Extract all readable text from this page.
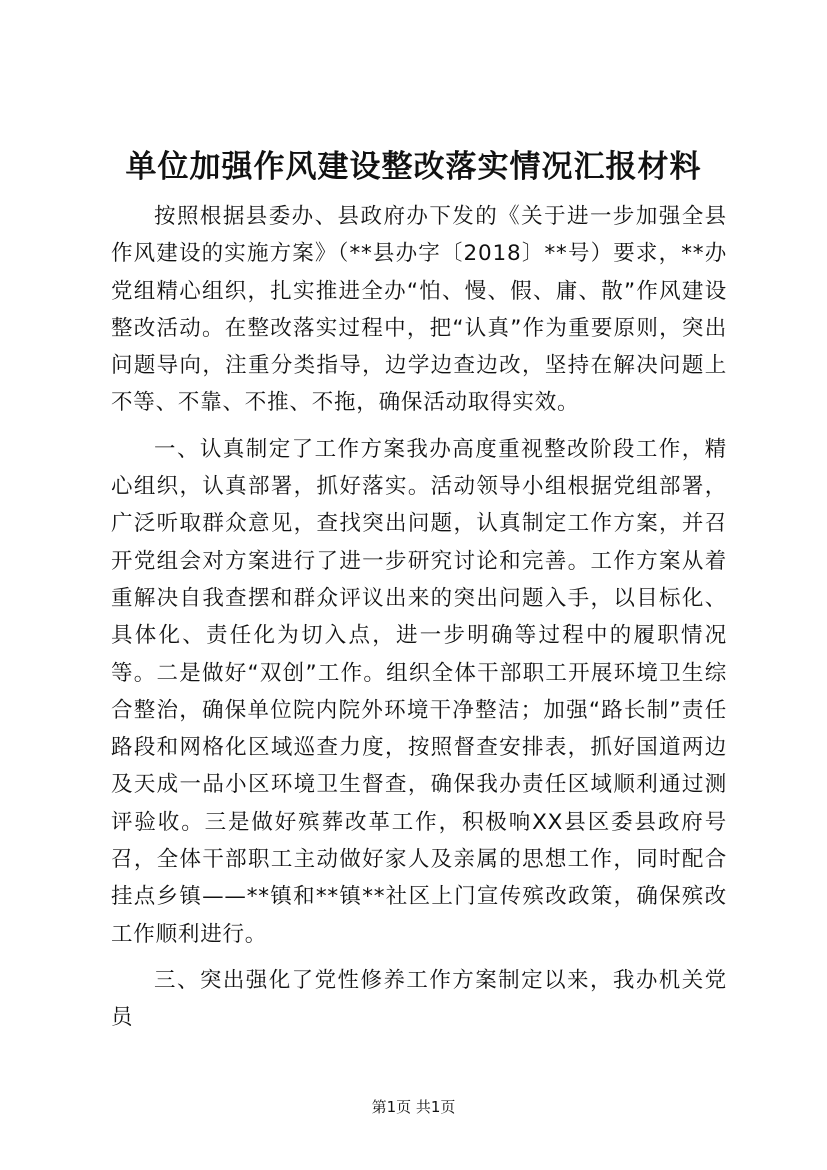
单位加强作风建设整改落实情况汇报材料

按照根据县委办、县政府办下发的《关于进一步加强全县作风建设的实施方案》（**县办字〔2018〕**号）要求，**办党组精心组织，扎实推进全办“怕、慢、假、庸、散”作风建设整改活动。在整改落实过程中，把“认真”作为重要原则，突出问题导向，注重分类指导，边学边查边改，坚持在解决问题上不等、不靠、不推、不拖，确保活动取得实效。

一、认真制定了工作方案我办高度重视整改阶段工作，精心组织，认真部署，抓好落实。活动领导小组根据党组部署，广泛听取群众意见，查找突出问题，认真制定工作方案，并召开党组会对方案进行了进一步研究讨论和完善。工作方案从着重解决自我查摆和群众评议出来的突出问题入手，以目标化、具体化、责任化为切入点，进一步明确等过程中的履职情况等。二是做好“双创”工作。组织全体干部职工开展环境卫生综合整治，确保单位院内院外环境干净整洁；加强“路长制”责任路段和网格化区域巡查力度，按照督查安排表，抓好国道两边及天成一品小区环境卫生督查，确保我办责任区域顺利通过测评验收。三是做好殡葬改革工作，积极响XX县区委县政府号召，全体干部职工主动做好家人及亲属的思想工作，同时配合挂点乡镇——**镇和**镇**社区上门宣传殡改政策，确保殡改工作顺利进行。

三、突出强化了党性修养工作方案制定以来，我办机关党员

第1页 共1页
